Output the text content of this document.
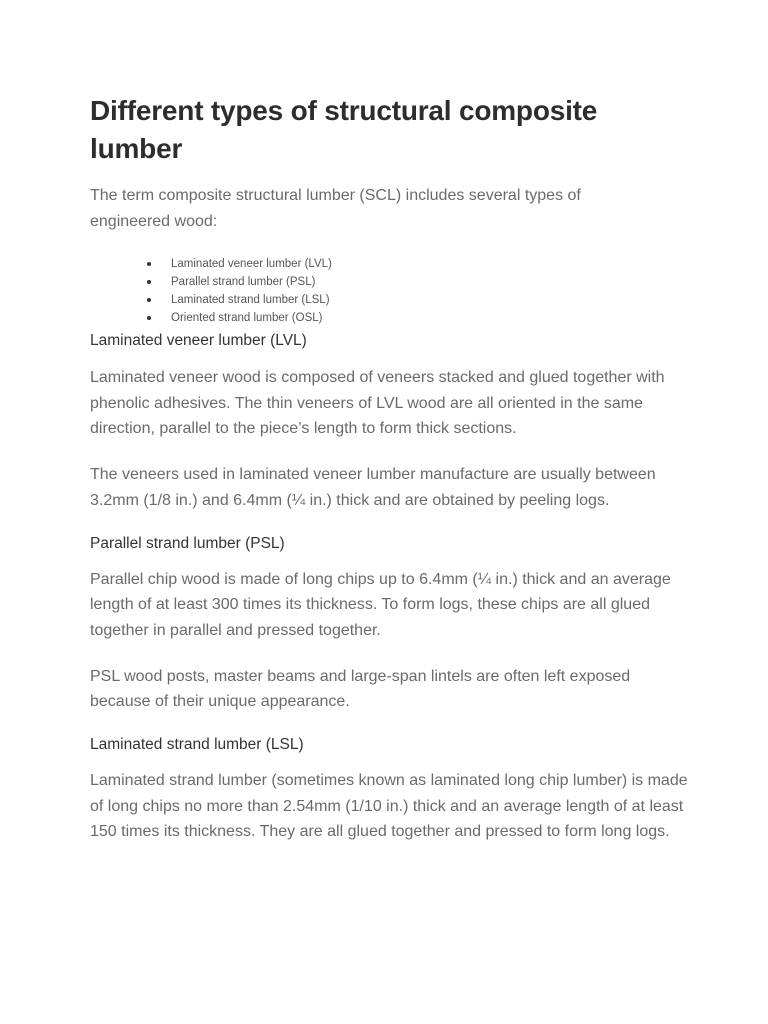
Different types of structural composite lumber

The term composite structural lumber (SCL) includes several types of engineered wood:

Laminated veneer lumber (LVL)
Parallel strand lumber (PSL)
Laminated strand lumber (LSL)
Oriented strand lumber (OSL)
Laminated veneer lumber (LVL)

Laminated veneer wood is composed of veneers stacked and glued together with phenolic adhesives. The thin veneers of LVL wood are all oriented in the same direction, parallel to the piece’s length to form thick sections.

The veneers used in laminated veneer lumber manufacture are usually between 3.2mm (1/8 in.) and 6.4mm (¼ in.) thick and are obtained by peeling logs.

Parallel strand lumber (PSL)

Parallel chip wood is made of long chips up to 6.4mm (¼ in.) thick and an average length of at least 300 times its thickness. To form logs, these chips are all glued together in parallel and pressed together.

PSL wood posts, master beams and large-span lintels are often left exposed because of their unique appearance.

Laminated strand lumber (LSL)

Laminated strand lumber (sometimes known as laminated long chip lumber) is made of long chips no more than 2.54mm (1/10 in.) thick and an average length of at least 150 times its thickness. They are all glued together and pressed to form long logs.
